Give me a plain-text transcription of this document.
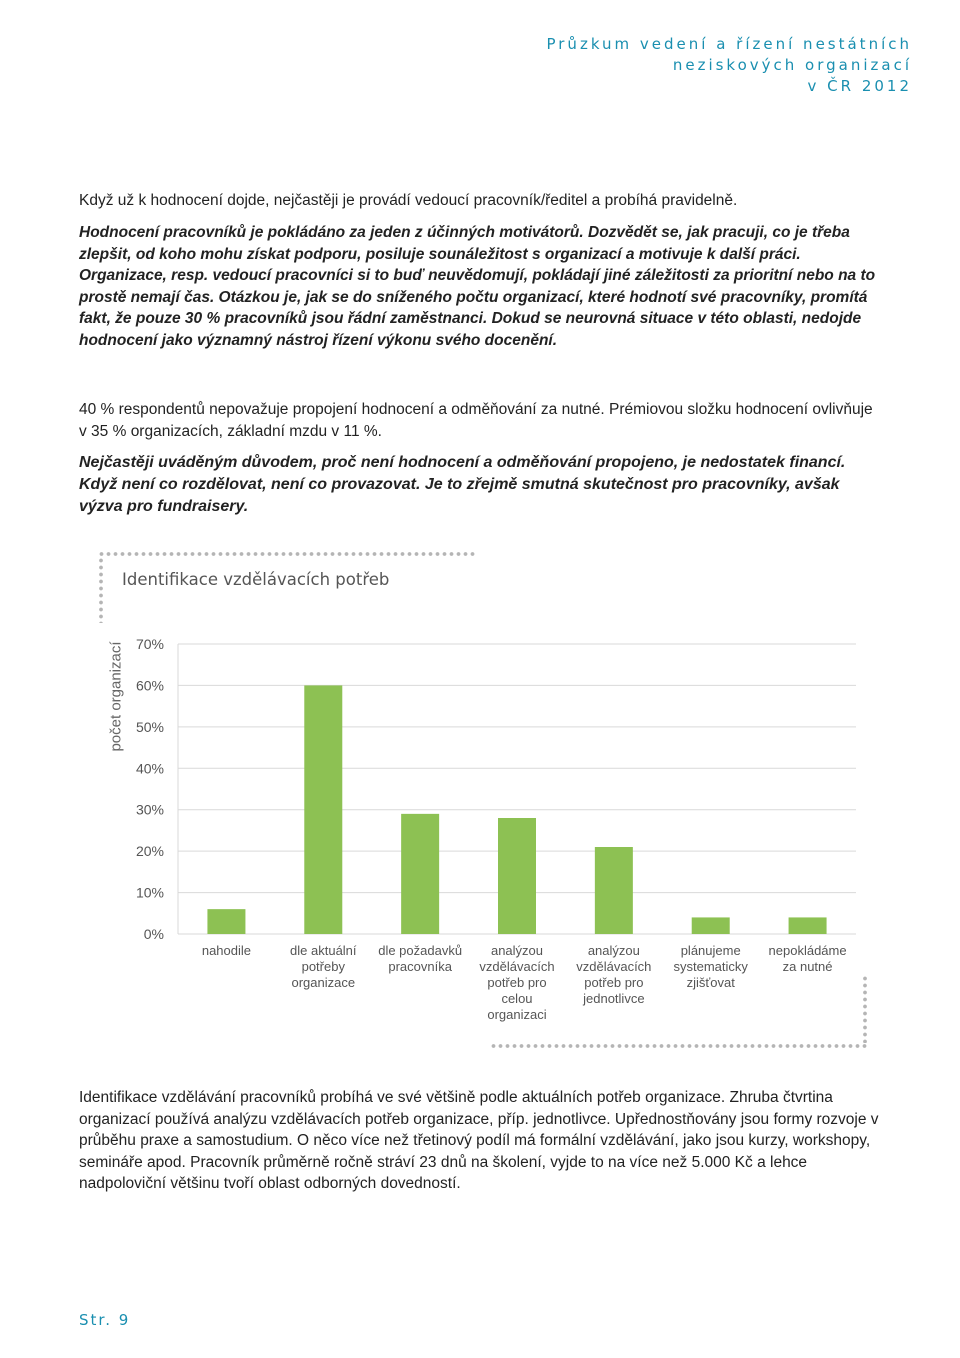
Průzkum vedení a řízení nestátních
neziskových organizací
v ČR 2012
Když už k hodnocení dojde, nejčastěji je provádí vedoucí pracovník/ředitel a probíhá pravidelně.
Hodnocení pracovníků je pokládáno za jeden z účinných motivátorů. Dozvědět se, jak pracuji, co je třeba zlepšit, od koho mohu získat podporu, posiluje sounáležitost s organizací a motivuje k další práci. Organizace, resp. vedoucí pracovníci si to buď neuvědomují, pokládají jiné záležitosti za prioritní nebo na to prostě nemají čas. Otázkou je, jak se do sníženého počtu organizací, které hodnotí své pracovníky, promítá fakt, že pouze 30 % pracovníků jsou řádní zaměstnanci. Dokud se neurovná situace v této oblasti, nedojde hodnocení jako významný nástroj řízení výkonu svého docenění.
40 % respondentů nepovažuje propojení hodnocení a odměňování za nutné. Prémiovou složku hodnocení ovlivňuje v 35 % organizacích, základní mzdu v 11 %.
Nejčastěji uváděným důvodem, proč není hodnocení a odměňování propojeno, je nedostatek financí. Když není co rozdělovat, není co provazovat. Je to zřejmě smutná skutečnost pro pracovníky, avšak výzva pro fundraisery.
Identifikace vzdělávacích potřeb
počet organizací
0%
10%
20%
30%
40%
50%
60%
70%
nahodile	dle aktuální
potřeby
organizace
dle požadavků
pracovníka
analýzou
vzdělávacích
potřeb pro
celou
organizaci
analýzou
vzdělávacích
potřeb pro
jednotlivce
plánujeme
systematicky
zjišťovat
nepokládáme
za nutné
Identifikace vzdělávání pracovníků probíhá ve své většině podle aktuálních potřeb organizace. Zhruba čtvrtina organizací používá analýzu vzdělávacích potřeb organizace, příp. jednotlivce. Upřednostňovány jsou formy rozvoje v průběhu praxe a samostudium. O něco více než třetinový podíl má formální vzdělávání, jako jsou kurzy, workshopy, semináře apod. Pracovník průměrně ročně stráví 23 dnů na školení, vyjde to na více než 5.000 Kč a lehce nadpoloviční většinu tvoří oblast odborných dovedností.
Str. 9
